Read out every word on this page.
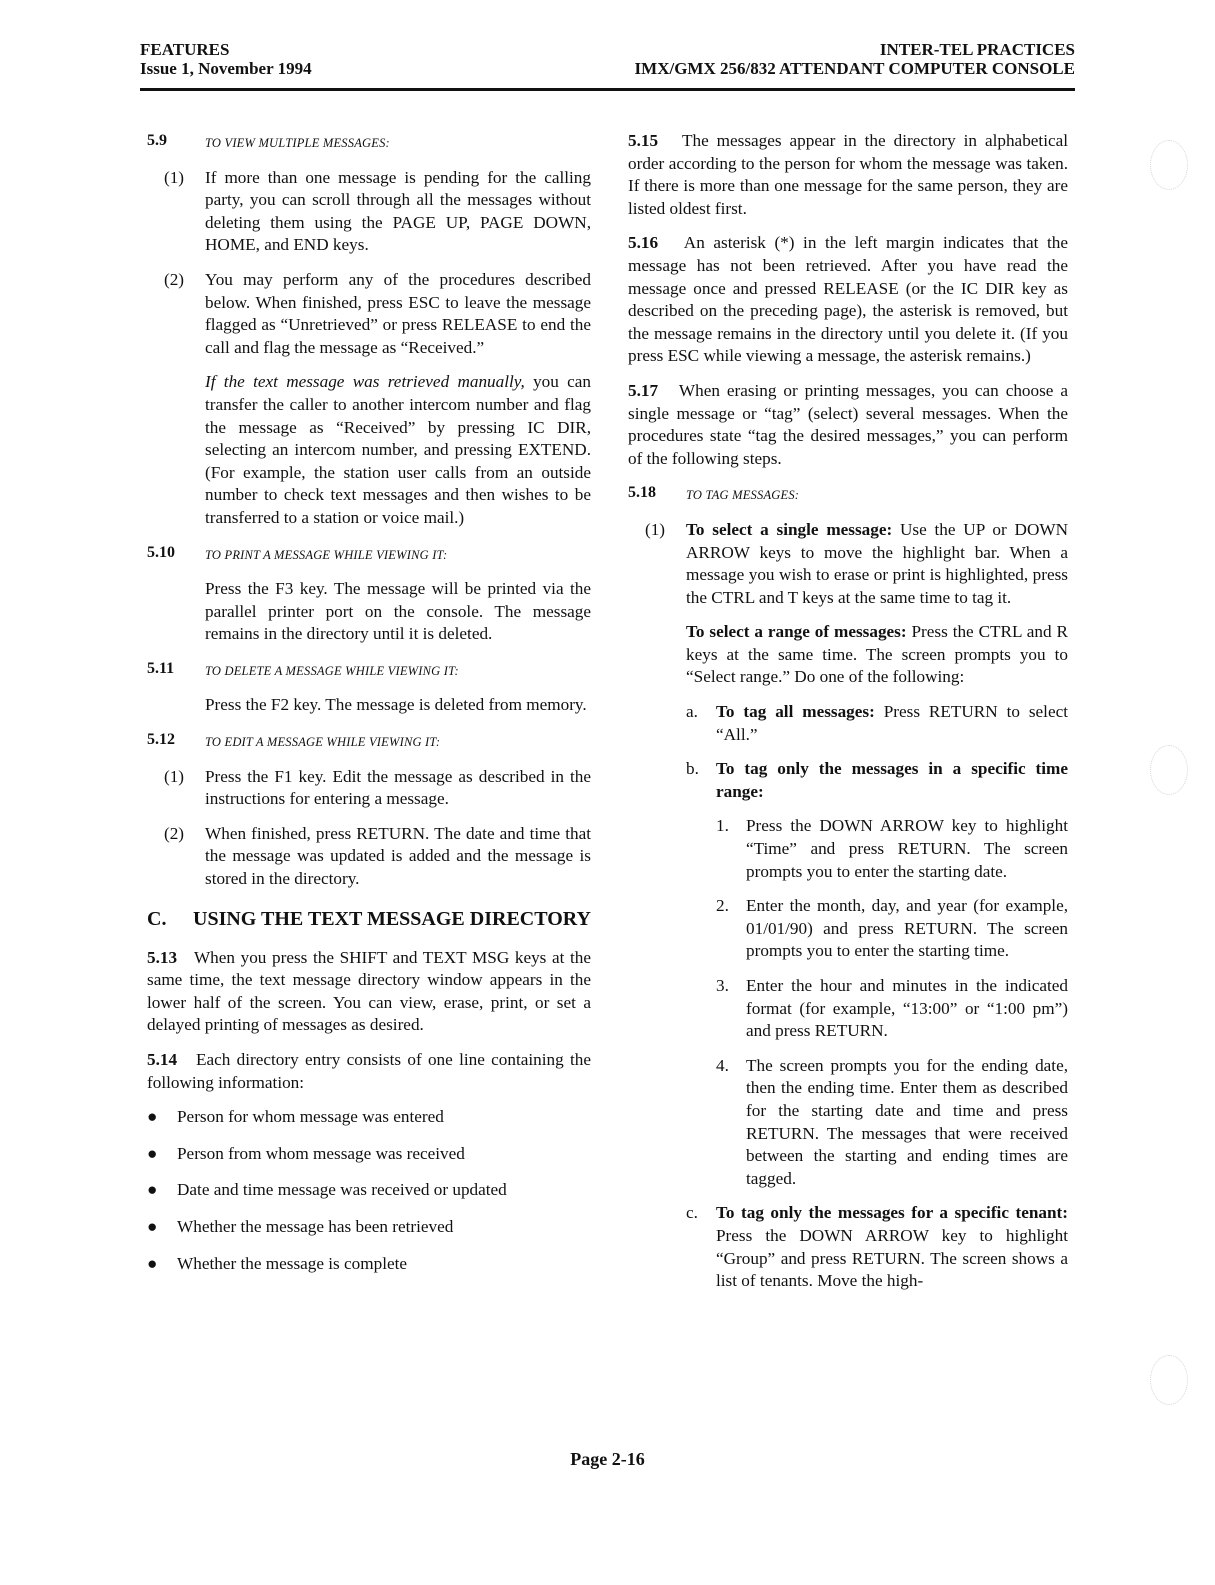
FEATURES	INTER-TEL PRACTICES
Issue 1, November 1994	IMX/GMX 256/832 ATTENDANT COMPUTER CONSOLE
5.9	TO VIEW MULTIPLE MESSAGES:
(1)	If more than one message is pending for the calling party, you can scroll through all the messages without deleting them using the PAGE UP, PAGE DOWN, HOME, and END keys.
(2)	You may perform any of the procedures described below. When finished, press ESC to leave the message flagged as “Unretrieved” or press RELEASE to end the call and flag the message as “Received.”

If the text message was retrieved manually, you can transfer the caller to another intercom number and flag the message as “Received” by pressing IC DIR, selecting an intercom number, and pressing EXTEND. (For example, the station user calls from an outside number to check text messages and then wishes to be transferred to a station or voice mail.)

5.10	TO PRINT A MESSAGE WHILE VIEWING IT:

Press the F3 key. The message will be printed via the parallel printer port on the console. The message remains in the directory until it is deleted.

5.11	TO DELETE A MESSAGE WHILE VIEWING IT:

Press the F2 key. The message is deleted from memory.

5.12	TO EDIT A MESSAGE WHILE VIEWING IT:
(1)	Press the F1 key. Edit the message as described in the instructions for entering a message.
(2)	When finished, press RETURN. The date and time that the message was updated is added and the message is stored in the directory.
C.	USING THE TEXT MESSAGE DIRECTORY

5.13 When you press the SHIFT and TEXT MSG keys at the same time, the text message directory window appears in the lower half of the screen. You can view, erase, print, or set a delayed printing of messages as desired.

5.14 Each directory entry consists of one line containing the following information:

●	Person for whom message was entered
●	Person from whom message was received
●	Date and time message was received or updated
●	Whether the message has been retrieved
●	Whether the message is complete

5.15 The messages appear in the directory in alphabetical order according to the person for whom the message was taken. If there is more than one message for the same person, they are listed oldest first.

5.16 An asterisk (*) in the left margin indicates that the message has not been retrieved. After you have read the message once and pressed RELEASE (or the IC DIR key as described on the preceding page), the asterisk is removed, but the message remains in the directory until you delete it. (If you press ESC while viewing a message, the asterisk remains.)

5.17 When erasing or printing messages, you can choose a single message or “tag” (select) several messages. When the procedures state “tag the desired messages,” you can perform of the following steps.

5.18	TO TAG MESSAGES:
(1)	To select a single message: Use the UP or DOWN ARROW keys to move the highlight bar. When a message you wish to erase or print is highlighted, press the CTRL and T keys at the same time to tag it.

To select a range of messages: Press the CTRL and R keys at the same time. The screen prompts you to “Select range.” Do one of the following:

a.	To tag all messages: Press RETURN to select “All.”
b. To tag only the messages in a specific time range:
1. Press the DOWN ARROW key to highlight “Time” and press RETURN. The screen prompts you to enter the starting date.
2. Enter the month, day, and year (for example, 01/01/90) and press RETURN. The screen prompts you to enter the starting time.
3. Enter the hour and minutes in the indicated format (for example, “13:00” or “1:00 pm”) and press RETURN.
4. The screen prompts you for the ending date, then the ending time. Enter them as described for the starting date and time and press RETURN. The messages that were received between the starting and ending times are tagged.
c.	To tag only the messages for a specific tenant: Press the DOWN ARROW key to highlight “Group” and press RETURN. The screen shows a list of tenants. Move the high-
Page 2-16
